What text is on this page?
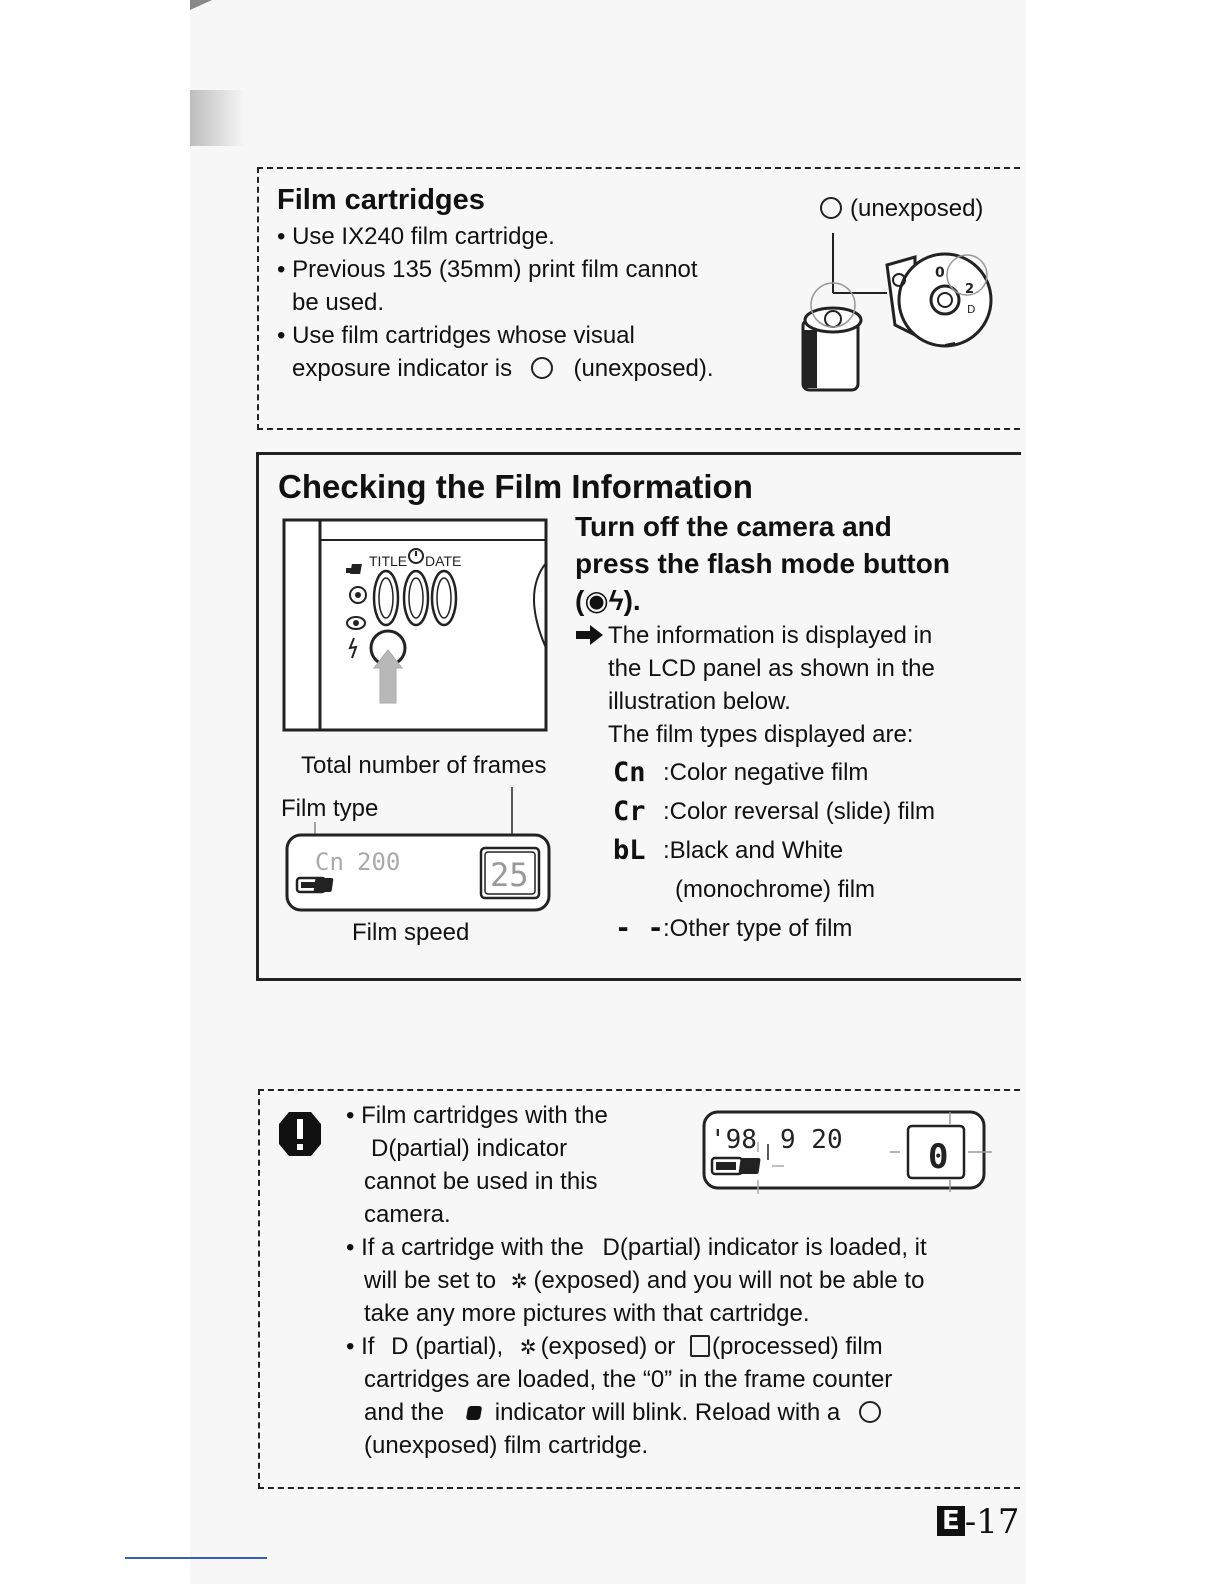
Film cartridges
• Use IX240 film cartridge.
• Previous 135 (35mm) print film cannot
be used.
• Use film cartridges whose visual
exposure indicator is	(unexposed).
(unexposed)
0
2
D
Checking the Film Information
TITLE DATE
Total number of frames
Film type
Cn 200	25
Film speed
Turn off the camera and
press the flash mode button
(◉ϟ).
The information is displayed in
the LCD panel as shown in the
illustration below.
The film types displayed are:
Cn :Color negative film
Cr :Color reversal (slide) film
bL :Black and White
(monochrome) film
- - :Other type of film
• Film cartridges with the
D(partial) indicator
cannot be used in this
camera.
• If a cartridge with the D(partial) indicator is loaded, it
will be set to ✲ (exposed) and you will not be able to
take any more pictures with that cartridge.
• If D (partial), ✲ (exposed) or (processed) film
cartridges are loaded, the “0” in the frame counter
and the indicator will blink. Reload with a
(unexposed) film cartridge.
'98 9 20	0
E -17
